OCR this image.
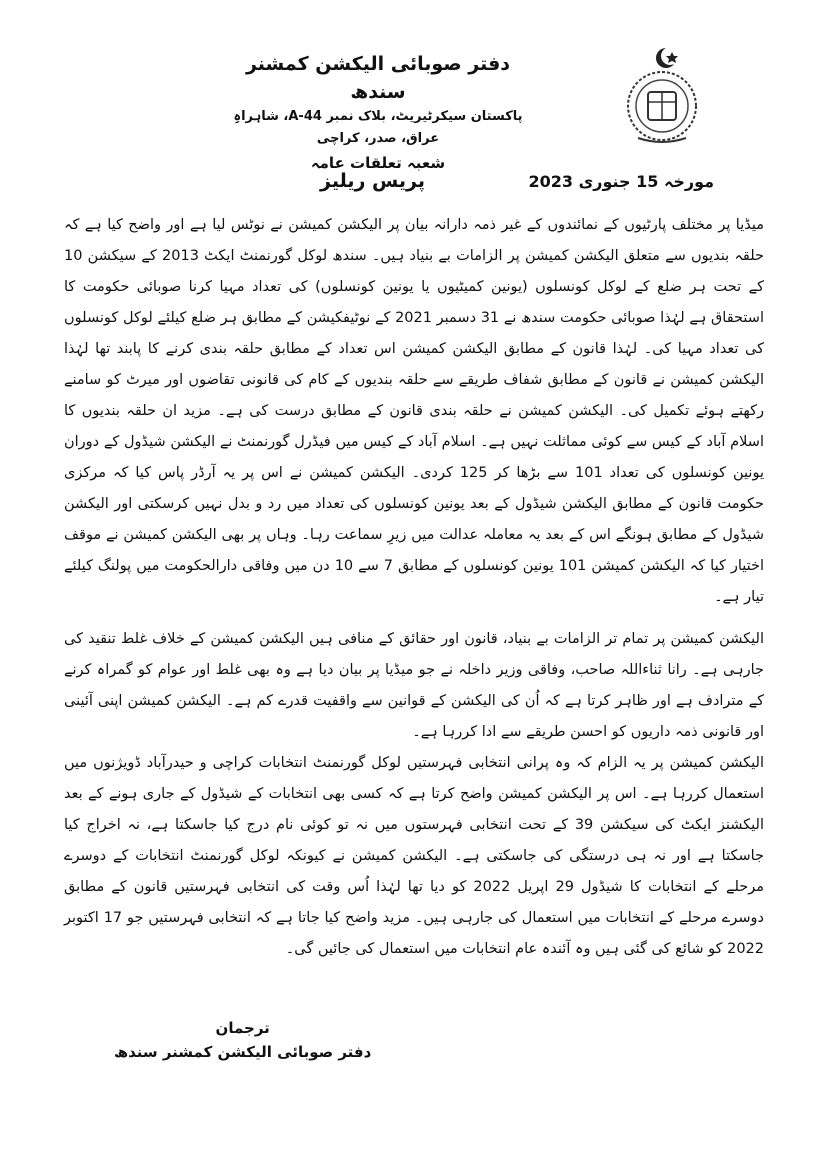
دفتر صوبائی الیکشن کمشنر سندھ
پاکستان سیکرٹیریٹ، بلاک نمبر A-44، شاہراہِ عراق، صدر، کراچی
شعبہ تعلقات عامہ
مورخہ 15 جنوری 2023
پریس ریلیز
میڈیا پر مختلف پارٹیوں کے نمائندوں کے غیر ذمہ دارانہ بیان پر الیکشن کمیشن نے نوٹس لیا ہے اور واضح کیا ہے کہ حلقہ بندیوں سے متعلق الیکشن کمیشن پر الزامات بے بنیاد ہیں۔ سندھ لوکل گورنمنٹ ایکٹ 2013 کے سیکشن 10 کے تحت ہر ضلع کے لوکل کونسلوں (یونین کمیٹیوں یا یونین کونسلوں) کی تعداد مہیا کرنا صوبائی حکومت کا استحقاق ہے لہٰذا صوبائی حکومت سندھ نے 31 دسمبر 2021 کے نوٹیفکیشن کے مطابق ہر ضلع کیلئے لوکل کونسلوں کی تعداد مہیا کی۔ لہٰذا قانون کے مطابق الیکشن کمیشن اس تعداد کے مطابق حلقہ بندی کرنے کا پابند تھا لہٰذا الیکشن کمیشن نے قانون کے مطابق شفاف طریقے سے حلقہ بندیوں کے کام کی قانونی تقاضوں اور میرٹ کو سامنے رکھتے ہوئے تکمیل کی۔ الیکشن کمیشن نے حلقہ بندی قانون کے مطابق درست کی ہے۔ مزید ان حلقہ بندیوں کا اسلام آباد کے کیس سے کوئی مماثلت نہیں ہے۔ اسلام آباد کے کیس میں فیڈرل گورنمنٹ نے الیکشن شیڈول کے دوران یونین کونسلوں کی تعداد 101 سے بڑھا کر 125 کردی۔ الیکشن کمیشن نے اس پر یہ آرڈر پاس کیا کہ مرکزی حکومت قانون کے مطابق الیکشن شیڈول کے بعد یونین کونسلوں کی تعداد میں رد و بدل نہیں کرسکتی اور الیکشن شیڈول کے مطابق ہونگے اس کے بعد یہ معاملہ عدالت میں زیرِ سماعت رہا۔ وہاں پر بھی الیکشن کمیشن نے موقف اختیار کیا کہ الیکشن کمیشن 101 یونین کونسلوں کے مطابق 7 سے 10 دن میں وفاقی دارالحکومت میں پولنگ کیلئے تیار ہے۔
الیکشن کمیشن پر تمام تر الزامات بے بنیاد، قانون اور حقائق کے منافی ہیں الیکشن کمیشن کے خلاف غلط تنقید کی جارہی ہے۔ رانا ثناءاللہ صاحب، وفاقی وزیر داخلہ نے جو میڈیا پر بیان دیا ہے وہ بھی غلط اور عوام کو گمراہ کرنے کے مترادف ہے اور ظاہر کرتا ہے کہ اُن کی الیکشن کے قوانین سے واقفیت قدرے کم ہے۔ الیکشن کمیشن اپنی آئینی اور قانونی ذمہ داریوں کو احسن طریقے سے ادا کررہا ہے۔
الیکشن کمیشن پر یہ الزام کہ وہ پرانی انتخابی فہرستیں لوکل گورنمنٹ انتخابات کراچی و حیدرآباد ڈویژنوں میں استعمال کررہا ہے۔ اس پر الیکشن کمیشن واضح کرتا ہے کہ کسی بھی انتخابات کے شیڈول کے جاری ہونے کے بعد الیکشنز ایکٹ کی سیکشن 39 کے تحت انتخابی فہرستوں میں نہ تو کوئی نام درج کیا جاسکتا ہے، نہ اخراج کیا جاسکتا ہے اور نہ ہی درستگی کی جاسکتی ہے۔ الیکشن کمیشن نے کیونکہ لوکل گورنمنٹ انتخابات کے دوسرے مرحلے کے انتخابات کا شیڈول 29 اپریل 2022 کو دیا تھا لہٰذا اُس وقت کی انتخابی فہرستیں قانون کے مطابق دوسرے مرحلے کے انتخابات میں استعمال کی جارہی ہیں۔ مزید واضح کیا جاتا ہے کہ انتخابی فہرستیں جو 17 اکتوبر 2022 کو شائع کی گئی ہیں وہ آئندہ عام انتخابات میں استعمال کی جائیں گی۔
ترجمان
دفتر صوبائی الیکشن کمشنر سندھ
